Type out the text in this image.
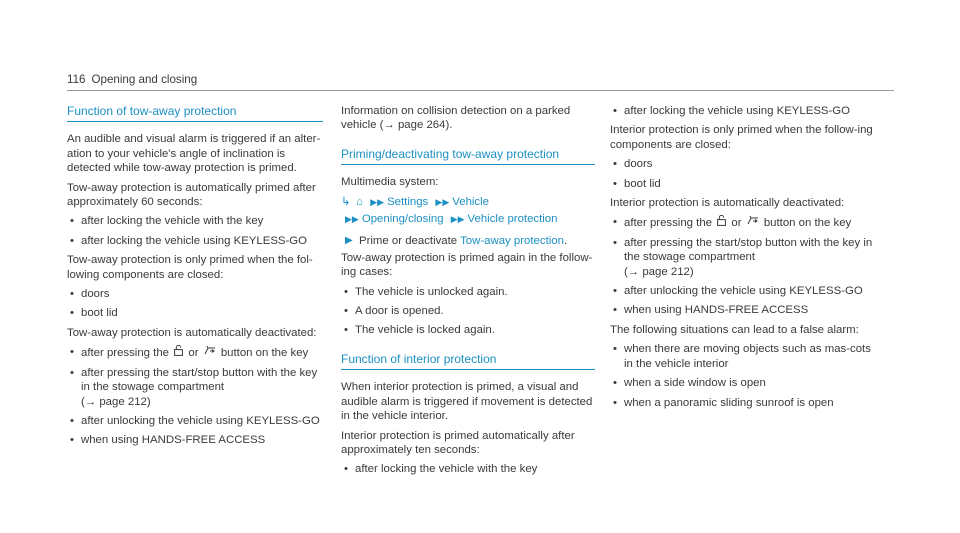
116 Opening and closing
Function of tow-away protection

An audible and visual alarm is triggered if an alter-ation to your vehicle's angle of inclination is detected while tow-away protection is primed.

Tow-away protection is automatically primed after approximately 60 seconds:

• after locking the vehicle with the key
• after locking the vehicle using KEYLESS-GO

Tow-away protection is only primed when the fol-lowing components are closed:

• doors
• boot lid

Tow-away protection is automatically deactivated:

• after pressing the or button on the key
• after pressing the start/stop button with the key in the stowage compartment
(→ page 212)
• after unlocking the vehicle using KEYLESS-GO
• when using HANDS-FREE ACCESS

Information on collision detection on a parked vehicle (→ page 264).

Priming/deactivating tow-away protection

Multimedia system:

↳ ⌂ ▶▶ Settings ▶▶ Vehicle
▶▶ Opening/closing ▶▶ Vehicle protection
▶ Prime or deactivate Tow-away protection.

Tow-away protection is primed again in the follow-ing cases:

• The vehicle is unlocked again.
• A door is opened.
• The vehicle is locked again.
Function of interior protection

When interior protection is primed, a visual and audible alarm is triggered if movement is detected in the vehicle interior.

Interior protection is primed automatically after approximately ten seconds:

• after locking the vehicle with the key
• after locking the vehicle using KEYLESS-GO

Interior protection is only primed when the follow-ing components are closed:

• doors
• boot lid

Interior protection is automatically deactivated:

• after pressing the or button on the key
• after pressing the start/stop button with the key in the stowage compartment
(→ page 212)
• after unlocking the vehicle using KEYLESS-GO
• when using HANDS-FREE ACCESS

The following situations can lead to a false alarm:

• when there are moving objects such as mas-cots in the vehicle interior
• when a side window is open
• when a panoramic sliding sunroof is open
